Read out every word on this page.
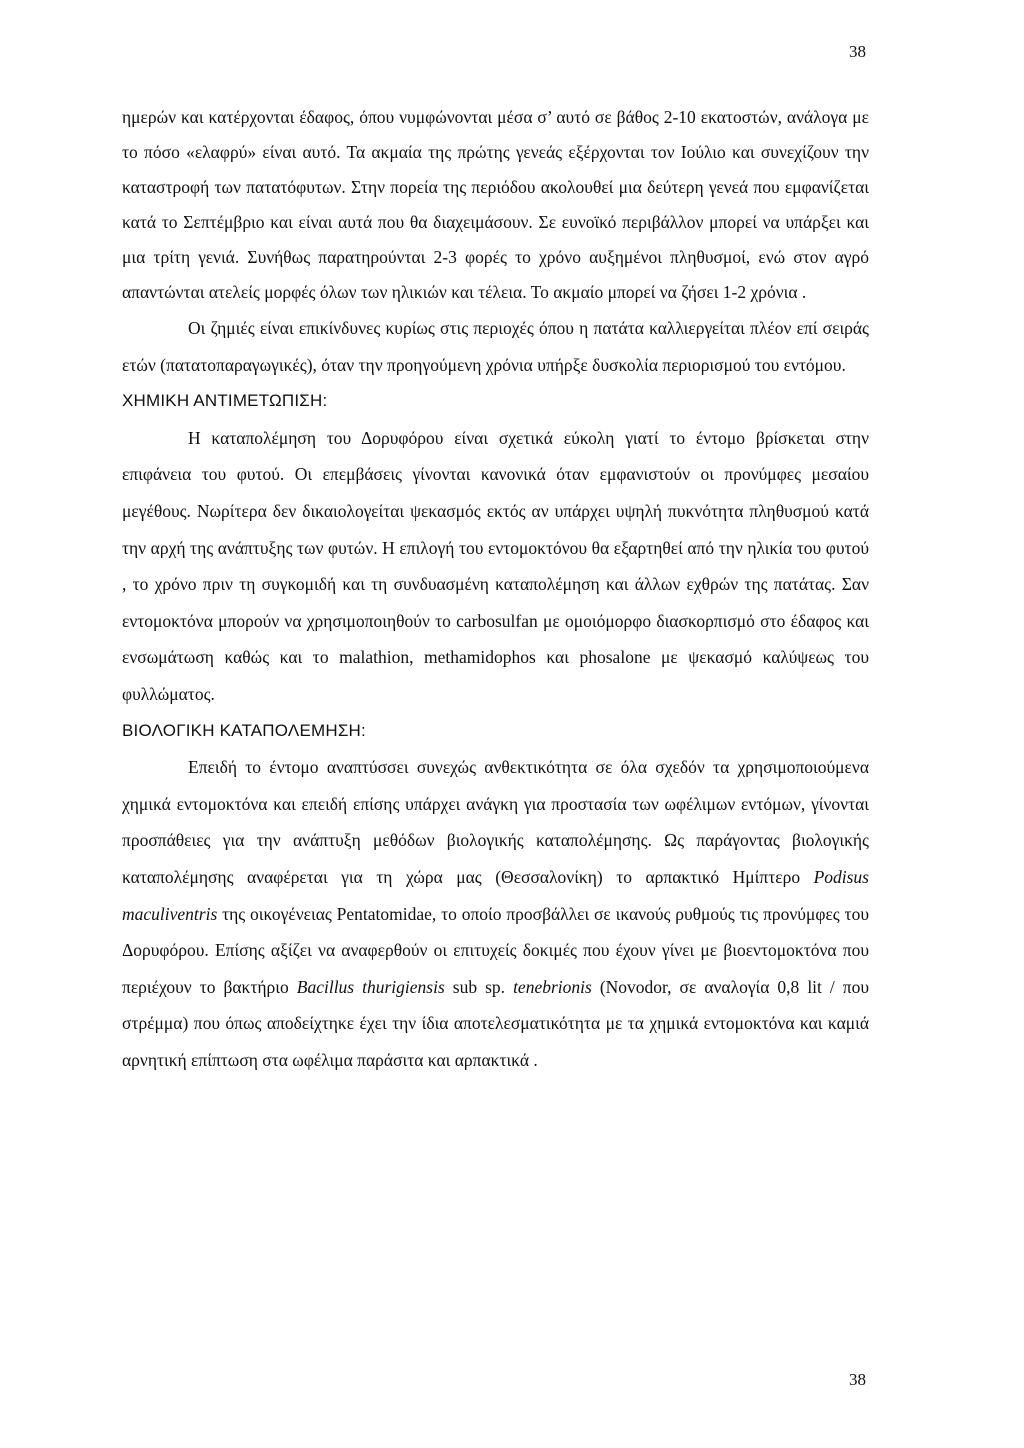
38

ημερών και κατέρχονται έδαφος, όπου νυμφώνονται μέσα σ’ αυτό σε βάθος 2-10 εκατοστών, ανάλογα με το πόσο «ελαφρύ» είναι αυτό. Τα ακμαία της πρώτης γενεάς εξέρχονται τον Ιούλιο και συνεχίζουν την καταστροφή των πατατόφυτων. Στην πορεία της περιόδου ακολουθεί μια δεύτερη γενεά που εμφανίζεται κατά το Σεπτέμβριο και είναι αυτά που θα διαχειμάσουν. Σε ευνοϊκό περιβάλλον μπορεί να υπάρξει και μια τρίτη γενιά. Συνήθως παρατηρούνται 2-3 φορές το χρόνο αυξημένοι πληθυσμοί, ενώ στον αγρό απαντώνται ατελείς μορφές όλων των ηλικιών και τέλεια. Το ακμαίο μπορεί να ζήσει 1-2 χρόνια .

Οι ζημιές είναι επικίνδυνες κυρίως στις περιοχές όπου η πατάτα καλλιεργείται πλέον επί σειράς ετών (πατατοπαραγωγικές), όταν την προηγούμενη χρόνια υπήρξε δυσκολία περιορισμού του εντόμου.

ΧΗΜΙΚΗ ΑΝΤΙΜΕΤΩΠΙΣΗ:

Η καταπολέμηση του Δορυφόρου είναι σχετικά εύκολη γιατί το έντομο βρίσκεται στην επιφάνεια του φυτού. Οι επεμβάσεις γίνονται κανονικά όταν εμφανιστούν οι προνύμφες μεσαίου μεγέθους. Νωρίτερα δεν δικαιολογείται ψεκασμός εκτός αν υπάρχει υψηλή πυκνότητα πληθυσμού κατά την αρχή της ανάπτυξης των φυτών. Η επιλογή του εντομοκτόνου θα εξαρτηθεί από την ηλικία του φυτού , το χρόνο πριν τη συγκομιδή και τη συνδυασμένη καταπολέμηση και άλλων εχθρών της πατάτας. Σαν εντομοκτόνα μπορούν να χρησιμοποιηθούν το carbosulfan με ομοιόμορφο διασκορπισμό στο έδαφος και ενσωμάτωση καθώς και το malathion, methamidophos και phosalone με ψεκασμό καλύψεως του φυλλώματος.

ΒΙΟΛΟΓΙΚΗ ΚΑΤΑΠΟΛΕΜΗΣΗ:

Επειδή το έντομο αναπτύσσει συνεχώς ανθεκτικότητα σε όλα σχεδόν τα χρησιμοποιούμενα χημικά εντομοκτόνα και επειδή επίσης υπάρχει ανάγκη για προστασία των ωφέλιμων εντόμων, γίνονται προσπάθειες για την ανάπτυξη μεθόδων βιολογικής καταπολέμησης. Ως παράγοντας βιολογικής καταπολέμησης αναφέρεται για τη χώρα μας (Θεσσαλονίκη) το αρπακτικό Ημίπτερο Podisus maculiventris της οικογένειας Pentatomidae, το οποίο προσβάλλει σε ικανούς ρυθμούς τις προνύμφες του Δορυφόρου. Επίσης αξίζει να αναφερθούν οι επιτυχείς δοκιμές που έχουν γίνει με βιοεντομοκτόνα που περιέχουν το βακτήριο Bacillus thurigiensis sub sp. tenebrionis (Novodor, σε αναλογία 0,8 lit / που στρέμμα) που όπως αποδείχτηκε έχει την ίδια αποτελεσματικότητα με τα χημικά εντομοκτόνα και καμιά αρνητική επίπτωση στα ωφέλιμα παράσιτα και αρπακτικά .

38
